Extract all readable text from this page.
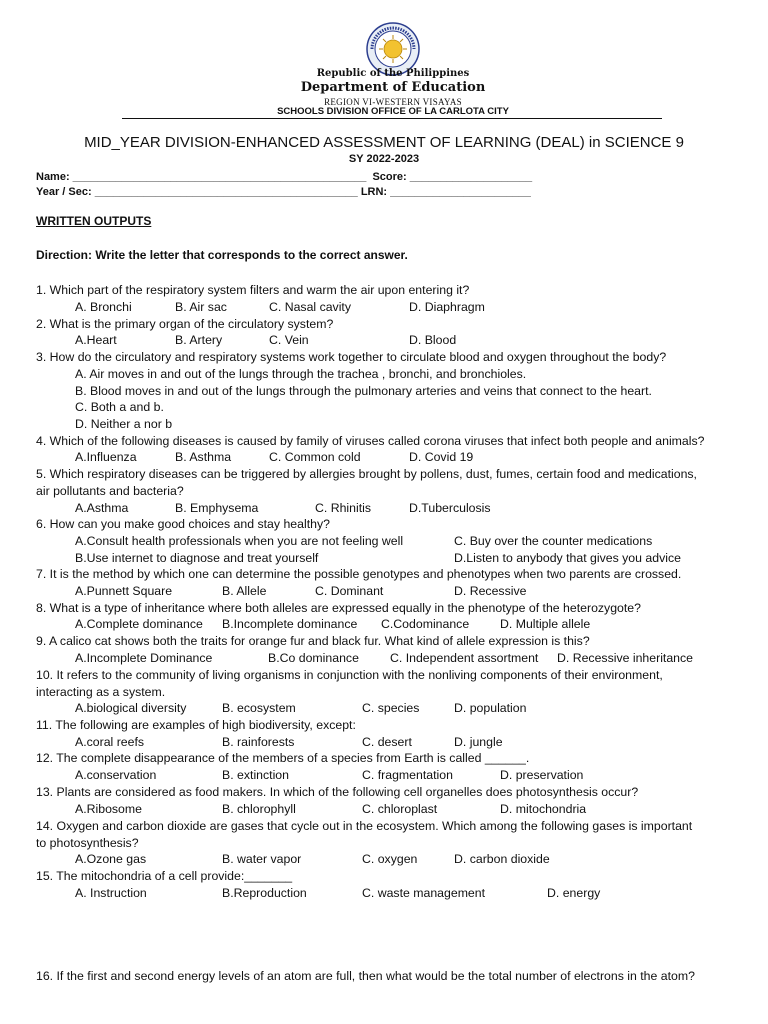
Republic of the Philippines
Department of Education
REGION VI-WESTERN VISAYAS
SCHOOLS DIVISION OFFICE OF LA CARLOTA CITY
MID_YEAR DIVISION-ENHANCED ASSESSMENT OF LEARNING (DEAL) in SCIENCE 9
SY 2022-2023
Name: ________________________________________________  Score: ____________________
Year / Sec: ___________________________________________ LRN: _______________________
WRITTEN OUTPUTS
Direction: Write the letter that corresponds to the correct answer.
1. Which part of the respiratory system filters and warm the air upon entering it?
2. What is the primary organ of the circulatory system?
3. How do the circulatory and respiratory systems work together to circulate blood and oxygen throughout the body?
4. Which of the following diseases is caused by family of viruses called corona viruses that infect both people and animals?
5. Which respiratory diseases can be triggered by allergies brought by pollens, dust, fumes, certain food and medications,
air pollutants and bacteria?
6. How can you make good choices and stay healthy?
7. It is the method by which one can determine the possible genotypes and phenotypes when two parents are crossed.
8. What is a type of inheritance where both alleles are expressed equally in the phenotype of the heterozygote?
9. A calico cat shows both the traits for orange fur and black fur. What kind of allele expression is this?
10. It refers to the community of living organisms in conjunction with the nonliving components of their environment,
interacting as a system.
11. The following are examples of high biodiversity, except:
12. The complete disappearance of the members of a species from Earth is called ______.
13. Plants are considered as food makers. In which of the following cell organelles does photosynthesis occur?
14. Oxygen and carbon dioxide are gases that cycle out in the ecosystem. Which among the following gases is important
to photosynthesis?
15. The mitochondria of a cell provide:_______
16. If the first and second energy levels of an atom are full, then what would be the total number of electrons in the atom?
A. Bronchi	B. Air sac	C. Nasal cavity	D. Diaphragm
A.Heart	B. Artery	C. Vein	D. Blood
A. Air moves in and out of the lungs through the trachea , bronchi, and bronchioles.
B. Blood moves in and out of the lungs through the pulmonary arteries and veins that connect to the heart.
C. Both a and b.
D. Neither a nor b
A.Influenza	B. Asthma	C. Common cold	D. Covid 19
A.Asthma	B. Emphysema	C. Rhinitis	D.Tuberculosis
A.Consult health professionals when you are not feeling well	C. Buy over the counter medications
B.Use internet to diagnose and treat yourself	D.Listen to anybody that gives you advice
A.Punnett Square	B. Allele	C. Dominant	D. Recessive
A.Complete dominance B.Incomplete dominance C.Codominance	D. Multiple allele
A.Incomplete Dominance	B.Co dominance	C. Independent assortment D. Recessive inheritance
A.biological diversity	B. ecosystem	C. species	D. population
A.coral reefs	B. rainforests	C. desert	D. jungle
A.conservation	B. extinction	C. fragmentation	D. preservation
A.Ribosome	B. chlorophyll	C. chloroplast	D. mitochondria
A.Ozone gas	B. water vapor	C. oxygen	D. carbon dioxide
A. Instruction	B.Reproduction	C. waste management	D. energy
